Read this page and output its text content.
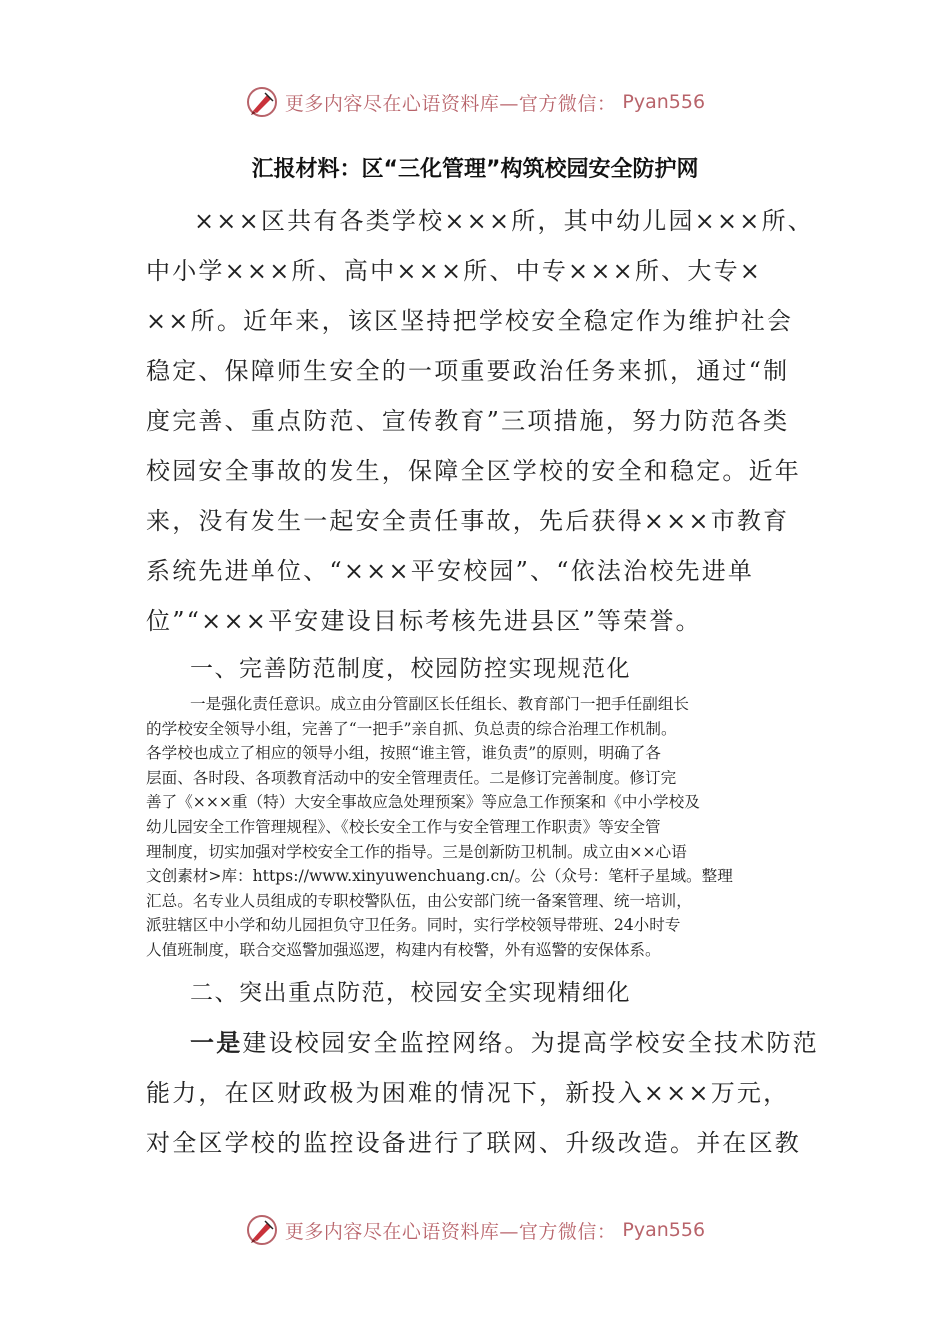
更多内容尽在心语资料库—官方微信： Pyan556
汇报材料：区“三化管理”构筑校园安全防护网

×××区共有各类学校×××所，其中幼儿园×××所、

中小学×××所、高中×××所、中专×××所、大专×

××所。近年来，该区坚持把学校安全稳定作为维护社会

稳定、保障师生安全的一项重要政治任务来抓，通过“制

度完善、重点防范、宣传教育”三项措施，努力防范各类

校园安全事故的发生，保障全区学校的安全和稳定。近年

来，没有发生一起安全责任事故，先后获得×××市教育

系统先进单位、“×××平安校园”、“依法治校先进单

位”“×××平安建设目标考核先进县区”等荣誉。

一、完善防范制度，校园防控实现规范化

一是强化责任意识。成立由分管副区长任组长、教育部门一把手任副组长

的学校安全领导小组，完善了“一把手”亲自抓、负总责的综合治理工作机制。

各学校也成立了相应的领导小组，按照“谁主管，谁负责”的原则，明确了各

层面、各时段、各项教育活动中的安全管理责任。二是修订完善制度。修订完

善了《×××重（特）大安全事故应急处理预案》等应急工作预案和《中小学校及

幼儿园安全工作管理规程》、《校长安全工作与安全管理工作职责》等安全管

理制度，切实加强对学校安全工作的指导。三是创新防卫机制。成立由××心语

文创素材>库：https://www.xinyuwenchuang.cn/。公（众号：笔杆子星域。整理

汇总。名专业人员组成的专职校警队伍，由公安部门统一备案管理、统一培训，

派驻辖区中小学和幼儿园担负守卫任务。同时，实行学校领导带班、24小时专

人值班制度，联合交巡警加强巡逻，构建内有校警，外有巡警的安保体系。

二、突出重点防范，校园安全实现精细化

一是建设校园安全监控网络。为提高学校安全技术防范

能力，在区财政极为困难的情况下，新投入×××万元，

对全区学校的监控设备进行了联网、升级改造。并在区教

更多内容尽在心语资料库—官方微信： Pyan556
